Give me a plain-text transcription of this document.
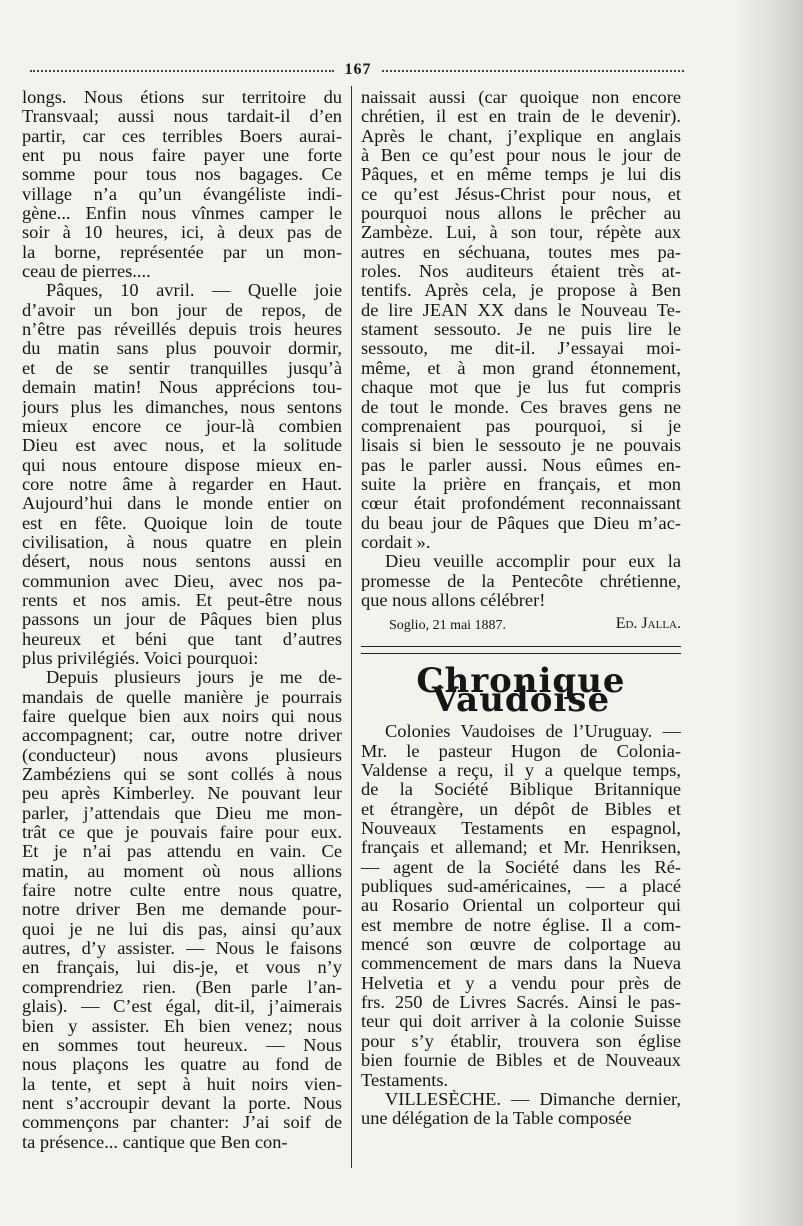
167

longs. Nous étions sur territoire du
Transvaal; aussi nous tardait-il d’en
partir, car ces terribles Boers aurai-
ent pu nous faire payer une forte
somme pour tous nos bagages. Ce
village n’a qu’un évangéliste indi-
gène... Enfin nous vînmes camper le
soir à 10 heures, ici, à deux pas de
la borne, représentée par un mon-
ceau de pierres....

Pâques, 10 avril. — Quelle joie
d’avoir un bon jour de repos, de
n’être pas réveillés depuis trois heures
du matin sans plus pouvoir dormir,
et de se sentir tranquilles jusqu’à
demain matin! Nous apprécions tou-
jours plus les dimanches, nous sentons
mieux encore ce jour-là combien
Dieu est avec nous, et la solitude
qui nous entoure dispose mieux en-
core notre âme à regarder en Haut.
Aujourd’hui dans le monde entier on
est en fête. Quoique loin de toute
civilisation, à nous quatre en plein
désert, nous nous sentons aussi en
communion avec Dieu, avec nos pa-
rents et nos amis. Et peut-être nous
passons un jour de Pâques bien plus
heureux et béni que tant d’autres
plus privilégiés. Voici pourquoi:

Depuis plusieurs jours je me de-
mandais de quelle manière je pourrais
faire quelque bien aux noirs qui nous
accompagnent; car, outre notre driver
(conducteur) nous avons plusieurs
Zambéziens qui se sont collés à nous
peu après Kimberley. Ne pouvant leur
parler, j’attendais que Dieu me mon-
trât ce que je pouvais faire pour eux.
Et je n’ai pas attendu en vain. Ce
matin, au moment où nous allions
faire notre culte entre nous quatre,
notre driver Ben me demande pour-
quoi je ne lui dis pas, ainsi qu’aux
autres, d’y assister. — Nous le faisons
en français, lui dis-je, et vous n’y
comprendriez rien. (Ben parle l’an-
glais). — C’est égal, dit-il, j’aimerais
bien y assister. Eh bien venez; nous
en sommes tout heureux. — Nous
nous plaçons les quatre au fond de
la tente, et sept à huit noirs vien-
nent s’accroupir devant la porte. Nous
commençons par chanter: J’ai soif de
ta présence... cantique que Ben con-

naissait aussi (car quoique non encore
chrétien, il est en train de le devenir).
Après le chant, j’explique en anglais
à Ben ce qu’est pour nous le jour de
Pâques, et en même temps je lui dis
ce qu’est Jésus-Christ pour nous, et
pourquoi nous allons le prêcher au
Zambèze. Lui, à son tour, répète aux
autres en séchuana, toutes mes pa-
roles. Nos auditeurs étaient très at-
tentifs. Après cela, je propose à Ben
de lire JEAN XX dans le Nouveau Te-
stament sessouto. Je ne puis lire le
sessouto, me dit-il. J’essayai moi-
même, et à mon grand étonnement,
chaque mot que je lus fut compris
de tout le monde. Ces braves gens ne
comprenaient pas pourquoi, si je
lisais si bien le sessouto je ne pouvais
pas le parler aussi. Nous eûmes en-
suite la prière en français, et mon
cœur était profondément reconnaissant
du beau jour de Pâques que Dieu m’ac-
cordait ».

Dieu veuille accomplir pour eux la
promesse de la Pentecôte chrétienne,
que nous allons célébrer!

Soglio, 21 mai 1887.	Ed. Jalla.
Chronique Vaudoise

Colonies Vaudoises de l’Uruguay. —
Mr. le pasteur Hugon de Colonia-
Valdense a reçu, il y a quelque temps,
de la Société Biblique Britannique
et étrangère, un dépôt de Bibles et
Nouveaux Testaments en espagnol,
français et allemand; et Mr. Henriksen,
— agent de la Société dans les Ré-
publiques sud-américaines, — a placé
au Rosario Oriental un colporteur qui
est membre de notre église. Il a com-
mencé son œuvre de colportage au
commencement de mars dans la Nueva
Helvetia et y a vendu pour près de
frs. 250 de Livres Sacrés. Ainsi le pas-
teur qui doit arriver à la colonie Suisse
pour s’y établir, trouvera son église
bien fournie de Bibles et de Nouveaux
Testaments.

VILLESÈCHE. — Dimanche dernier,
une délégation de la Table composée
